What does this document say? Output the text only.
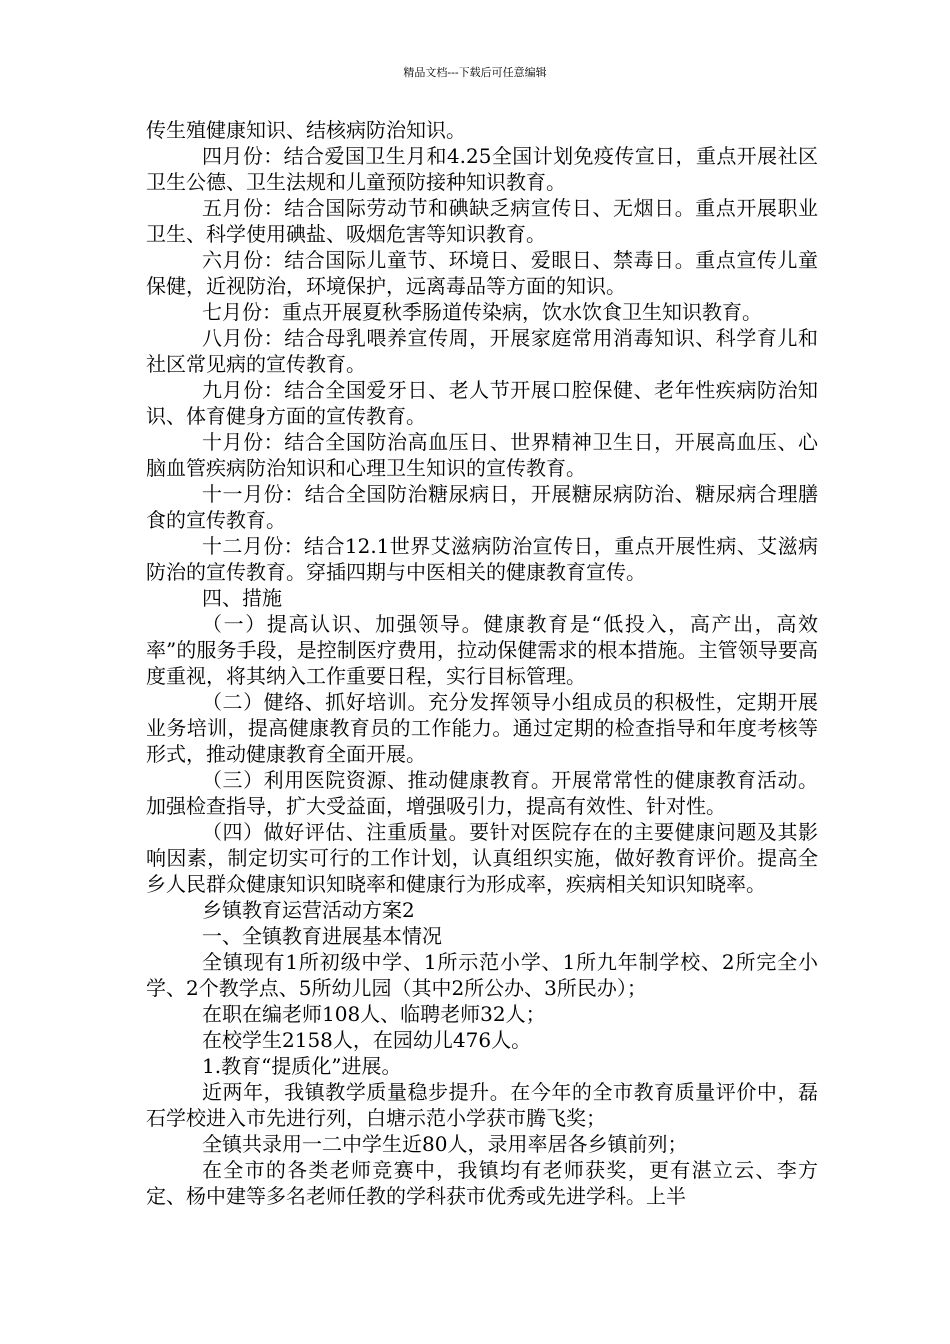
精品文档---下载后可任意编辑

传生殖健康知识、结核病防治知识。

四月份：结合爱国卫生月和4.25全国计划免疫传宣日，重点开展社区卫生公德、卫生法规和儿童预防接种知识教育。

五月份：结合国际劳动节和碘缺乏病宣传日、无烟日。重点开展职业卫生、科学使用碘盐、吸烟危害等知识教育。

六月份：结合国际儿童节、环境日、爱眼日、禁毒日。重点宣传儿童保健，近视防治，环境保护，远离毒品等方面的知识。

七月份：重点开展夏秋季肠道传染病，饮水饮食卫生知识教育。

八月份：结合母乳喂养宣传周，开展家庭常用消毒知识、科学育儿和社区常见病的宣传教育。

九月份：结合全国爱牙日、老人节开展口腔保健、老年性疾病防治知识、体育健身方面的宣传教育。

十月份：结合全国防治高血压日、世界精神卫生日，开展高血压、心脑血管疾病防治知识和心理卫生知识的宣传教育。

十一月份：结合全国防治糖尿病日，开展糖尿病防治、糖尿病合理膳食的宣传教育。

十二月份：结合12.1世界艾滋病防治宣传日，重点开展性病、艾滋病防治的宣传教育。穿插四期与中医相关的健康教育宣传。

四、措施

（一）提高认识、加强领导。健康教育是“低投入，高产出，高效率”的服务手段，是控制医疗费用，拉动保健需求的根本措施。主管领导要高度重视，将其纳入工作重要日程，实行目标管理。

（二）健络、抓好培训。充分发挥领导小组成员的积极性，定期开展业务培训，提高健康教育员的工作能力。通过定期的检查指导和年度考核等形式，推动健康教育全面开展。

（三）利用医院资源、推动健康教育。开展常常性的健康教育活动。加强检查指导，扩大受益面，增强吸引力，提高有效性、针对性。

（四）做好评估、注重质量。要针对医院存在的主要健康问题及其影响因素，制定切实可行的工作计划，认真组织实施，做好教育评价。提高全乡人民群众健康知识知晓率和健康行为形成率，疾病相关知识知晓率。

乡镇教育运营活动方案2

一、全镇教育进展基本情况

全镇现有1所初级中学、1所示范小学、1所九年制学校、2所完全小学、2个教学点、5所幼儿园（其中2所公办、3所民办）；

在职在编老师108人、临聘老师32人；

在校学生2158人，在园幼儿476人。

1.教育“提质化”进展。

近两年，我镇教学质量稳步提升。在今年的全市教育质量评价中，磊石学校进入市先进行列，白塘示范小学获市腾飞奖；

全镇共录用一二中学生近80人，录用率居各乡镇前列；

在全市的各类老师竞赛中，我镇均有老师获奖，更有湛立云、李方定、杨中建等多名老师任教的学科获市优秀或先进学科。上半
